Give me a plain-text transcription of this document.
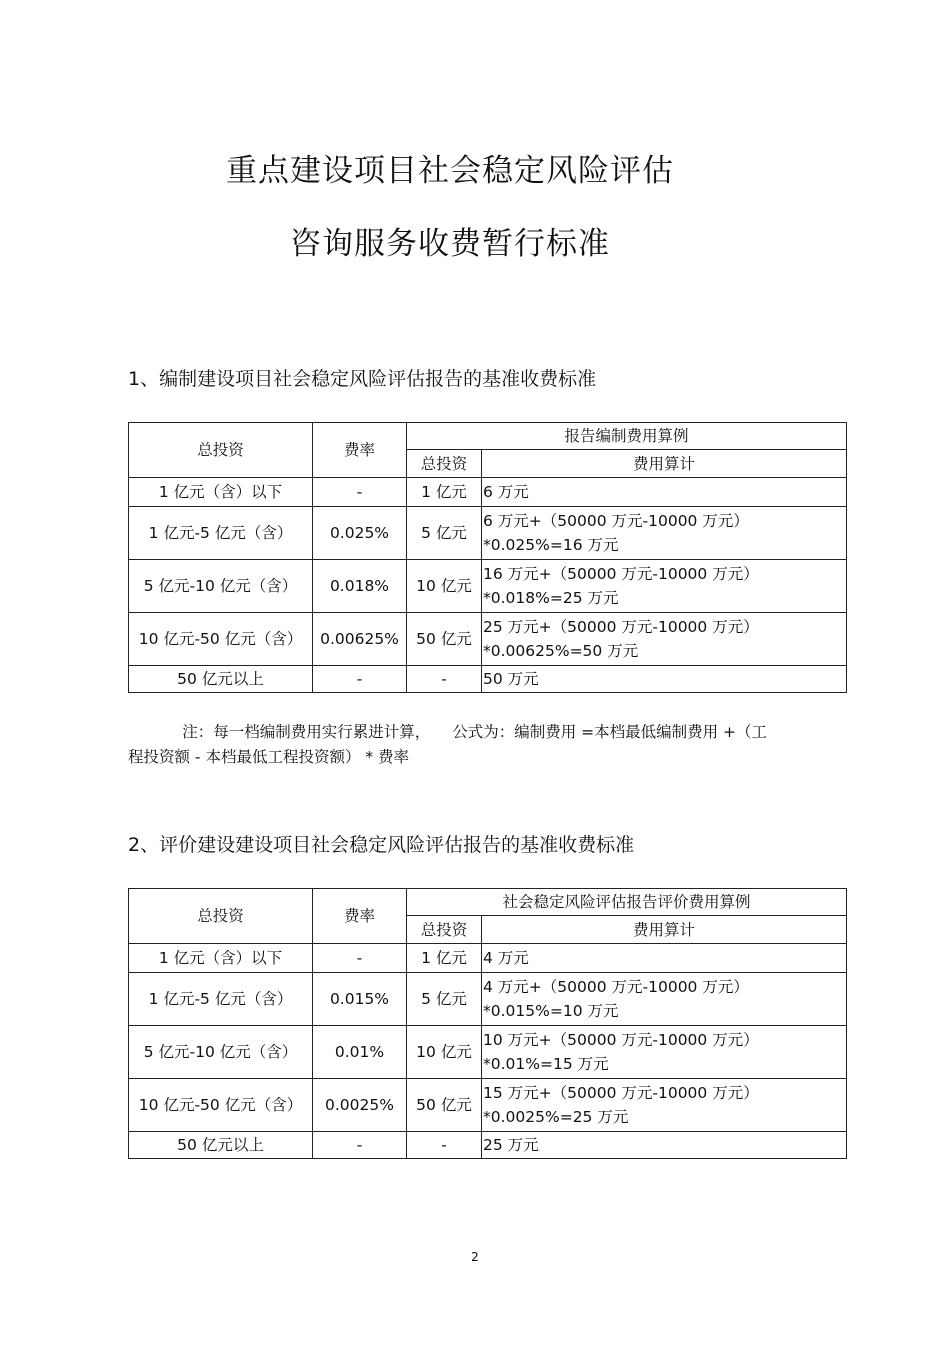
重点建设项目社会稳定风险评估
咨询服务收费暂行标准
1、编制建设项目社会稳定风险评估报告的基准收费标准
总投资	费率	报告编制费用算例	
		总投资	费用算计
1 亿元（含）以下	-	1 亿元	6 万元

1 亿元-5 亿元（含）	0.025%	5 亿元	6 万元+（50000 万元-10000 万元）
*0.025%=16 万元

5 亿元-10 亿元（含）	0.018%	10 亿元	16 万元+（50000 万元-10000 万元）
*0.018%=25 万元

10 亿元-50 亿元（含）	0.00625%	50 亿元	25 万元+（50000 万元-10000 万元）
*0.00625%=50 万元

50 亿元以上	-	-	50 万元
注：每一档编制费用实行累进计算， 公式为：编制费用 =本档最低编制费用 +（工
程投资额 - 本档最低工程投资额） * 费率
2、评价建设建设项目社会稳定风险评估报告的基准收费标准
总投资	费率	社会稳定风险评估报告评价费用算例	
		总投资	费用算计
1 亿元（含）以下	-	1 亿元	4 万元

1 亿元-5 亿元（含）	0.015%	5 亿元	4 万元+（50000 万元-10000 万元）
*0.015%=10 万元

5 亿元-10 亿元（含）	0.01%	10 亿元	10 万元+（50000 万元-10000 万元）
*0.01%=15 万元

10 亿元-50 亿元（含）	0.0025%	50 亿元	15 万元+（50000 万元-10000 万元）
*0.0025%=25 万元

50 亿元以上	-	-	25 万元
2
